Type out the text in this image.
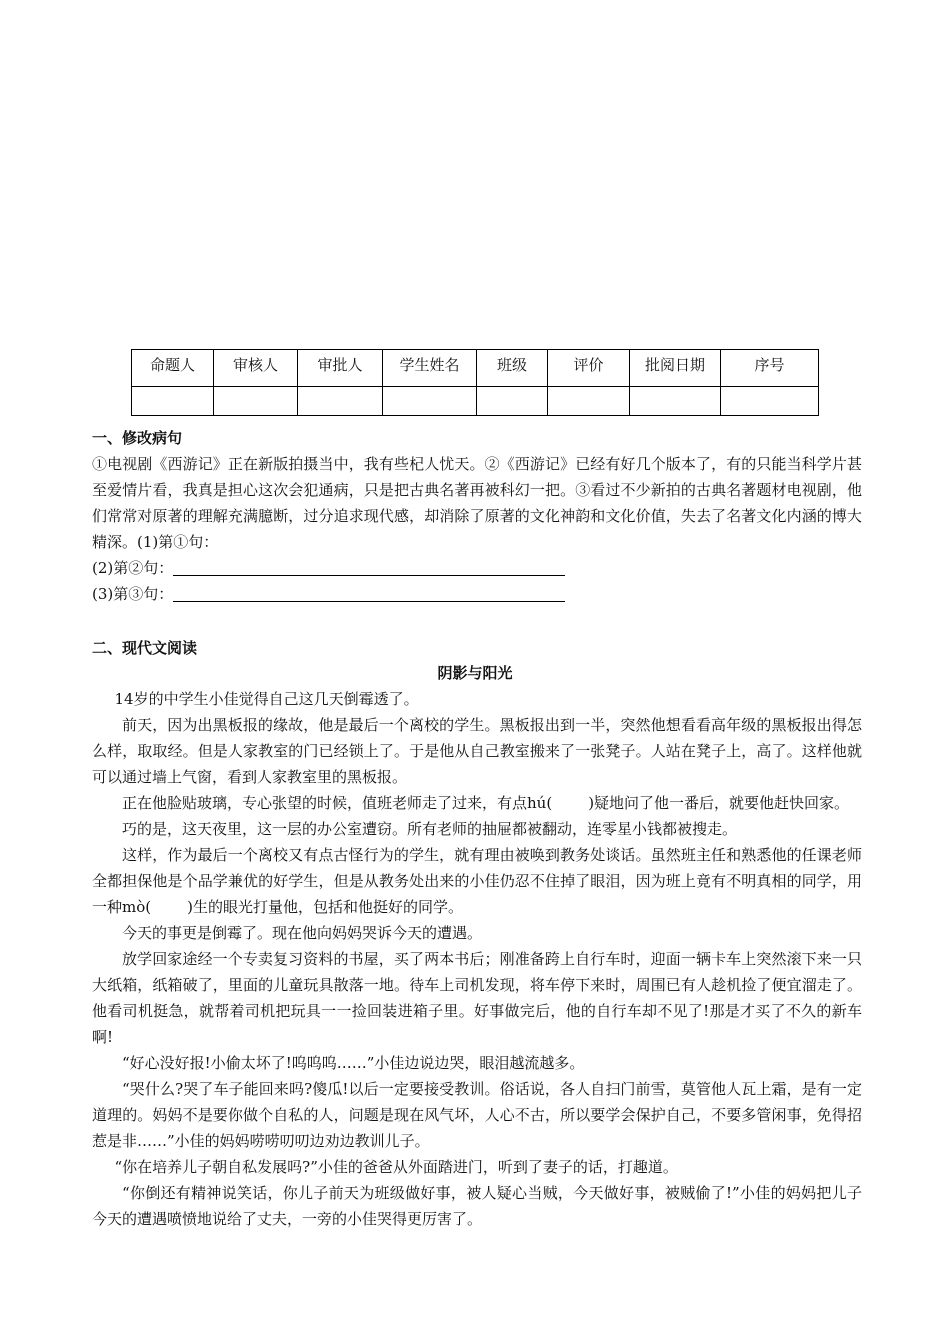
命题人	审核人	审批人	学生姓名	班级	评价	批阅日期	序号

一、修改病句
①电视剧《西游记》正在新版拍摄当中，我有些杞人忧天。②《西游记》已经有好几个版本了，有的只能当科学片甚至爱情片看，我真是担心这次会犯通病，只是把古典名著再被科幻一把。③看过不少新拍的古典名著题材电视剧，他们常常对原著的理解充满臆断，过分追求现代感，却消除了原著的文化神韵和文化价值，失去了名著文化内涵的博大精深。(1)第①句：
(2)第②句：
(3)第③句：
二、现代文阅读
阴影与阳光

14岁的中学生小佳觉得自己这几天倒霉透了。

前天，因为出黑板报的缘故，他是最后一个离校的学生。黑板报出到一半，突然他想看看高年级的黑板报出得怎么样，取取经。但是人家教室的门已经锁上了。于是他从自己教室搬来了一张凳子。人站在凳子上，高了。这样他就可以通过墙上气窗，看到人家教室里的黑板报。

正在他脸贴玻璃，专心张望的时候，值班老师走了过来，有点hú( )疑地问了他一番后，就要他赶快回家。

巧的是，这天夜里，这一层的办公室遭窃。所有老师的抽屉都被翻动，连零星小钱都被搜走。

这样，作为最后一个离校又有点古怪行为的学生，就有理由被唤到教务处谈话。虽然班主任和熟悉他的任课老师全都担保他是个品学兼优的好学生，但是从教务处出来的小佳仍忍不住掉了眼泪，因为班上竟有不明真相的同学，用一种mò( )生的眼光打量他，包括和他挺好的同学。

今天的事更是倒霉了。现在他向妈妈哭诉今天的遭遇。

放学回家途经一个专卖复习资料的书屋，买了两本书后；刚准备跨上自行车时，迎面一辆卡车上突然滚下来一只大纸箱，纸箱破了，里面的儿童玩具散落一地。待车上司机发现，将车停下来时，周围已有人趁机捡了便宜溜走了。他看司机挺急，就帮着司机把玩具一一捡回装进箱子里。好事做完后，他的自行车却不见了!那是才买了不久的新车啊!

“好心没好报!小偷太坏了!呜呜呜……”小佳边说边哭，眼泪越流越多。

“哭什么?哭了车子能回来吗?傻瓜!以后一定要接受教训。俗话说，各人自扫门前雪，莫管他人瓦上霜，是有一定道理的。妈妈不是要你做个自私的人，问题是现在风气坏，人心不古，所以要学会保护自己，不要多管闲事，免得招惹是非……”小佳的妈妈唠唠叨叨边劝边教训儿子。

“你在培养儿子朝自私发展吗?”小佳的爸爸从外面踏进门，听到了妻子的话，打趣道。

“你倒还有精神说笑话，你儿子前天为班级做好事，被人疑心当贼，今天做好事，被贼偷了!”小佳的妈妈把儿子今天的遭遇喷愤地说给了丈夫，一旁的小佳哭得更厉害了。
